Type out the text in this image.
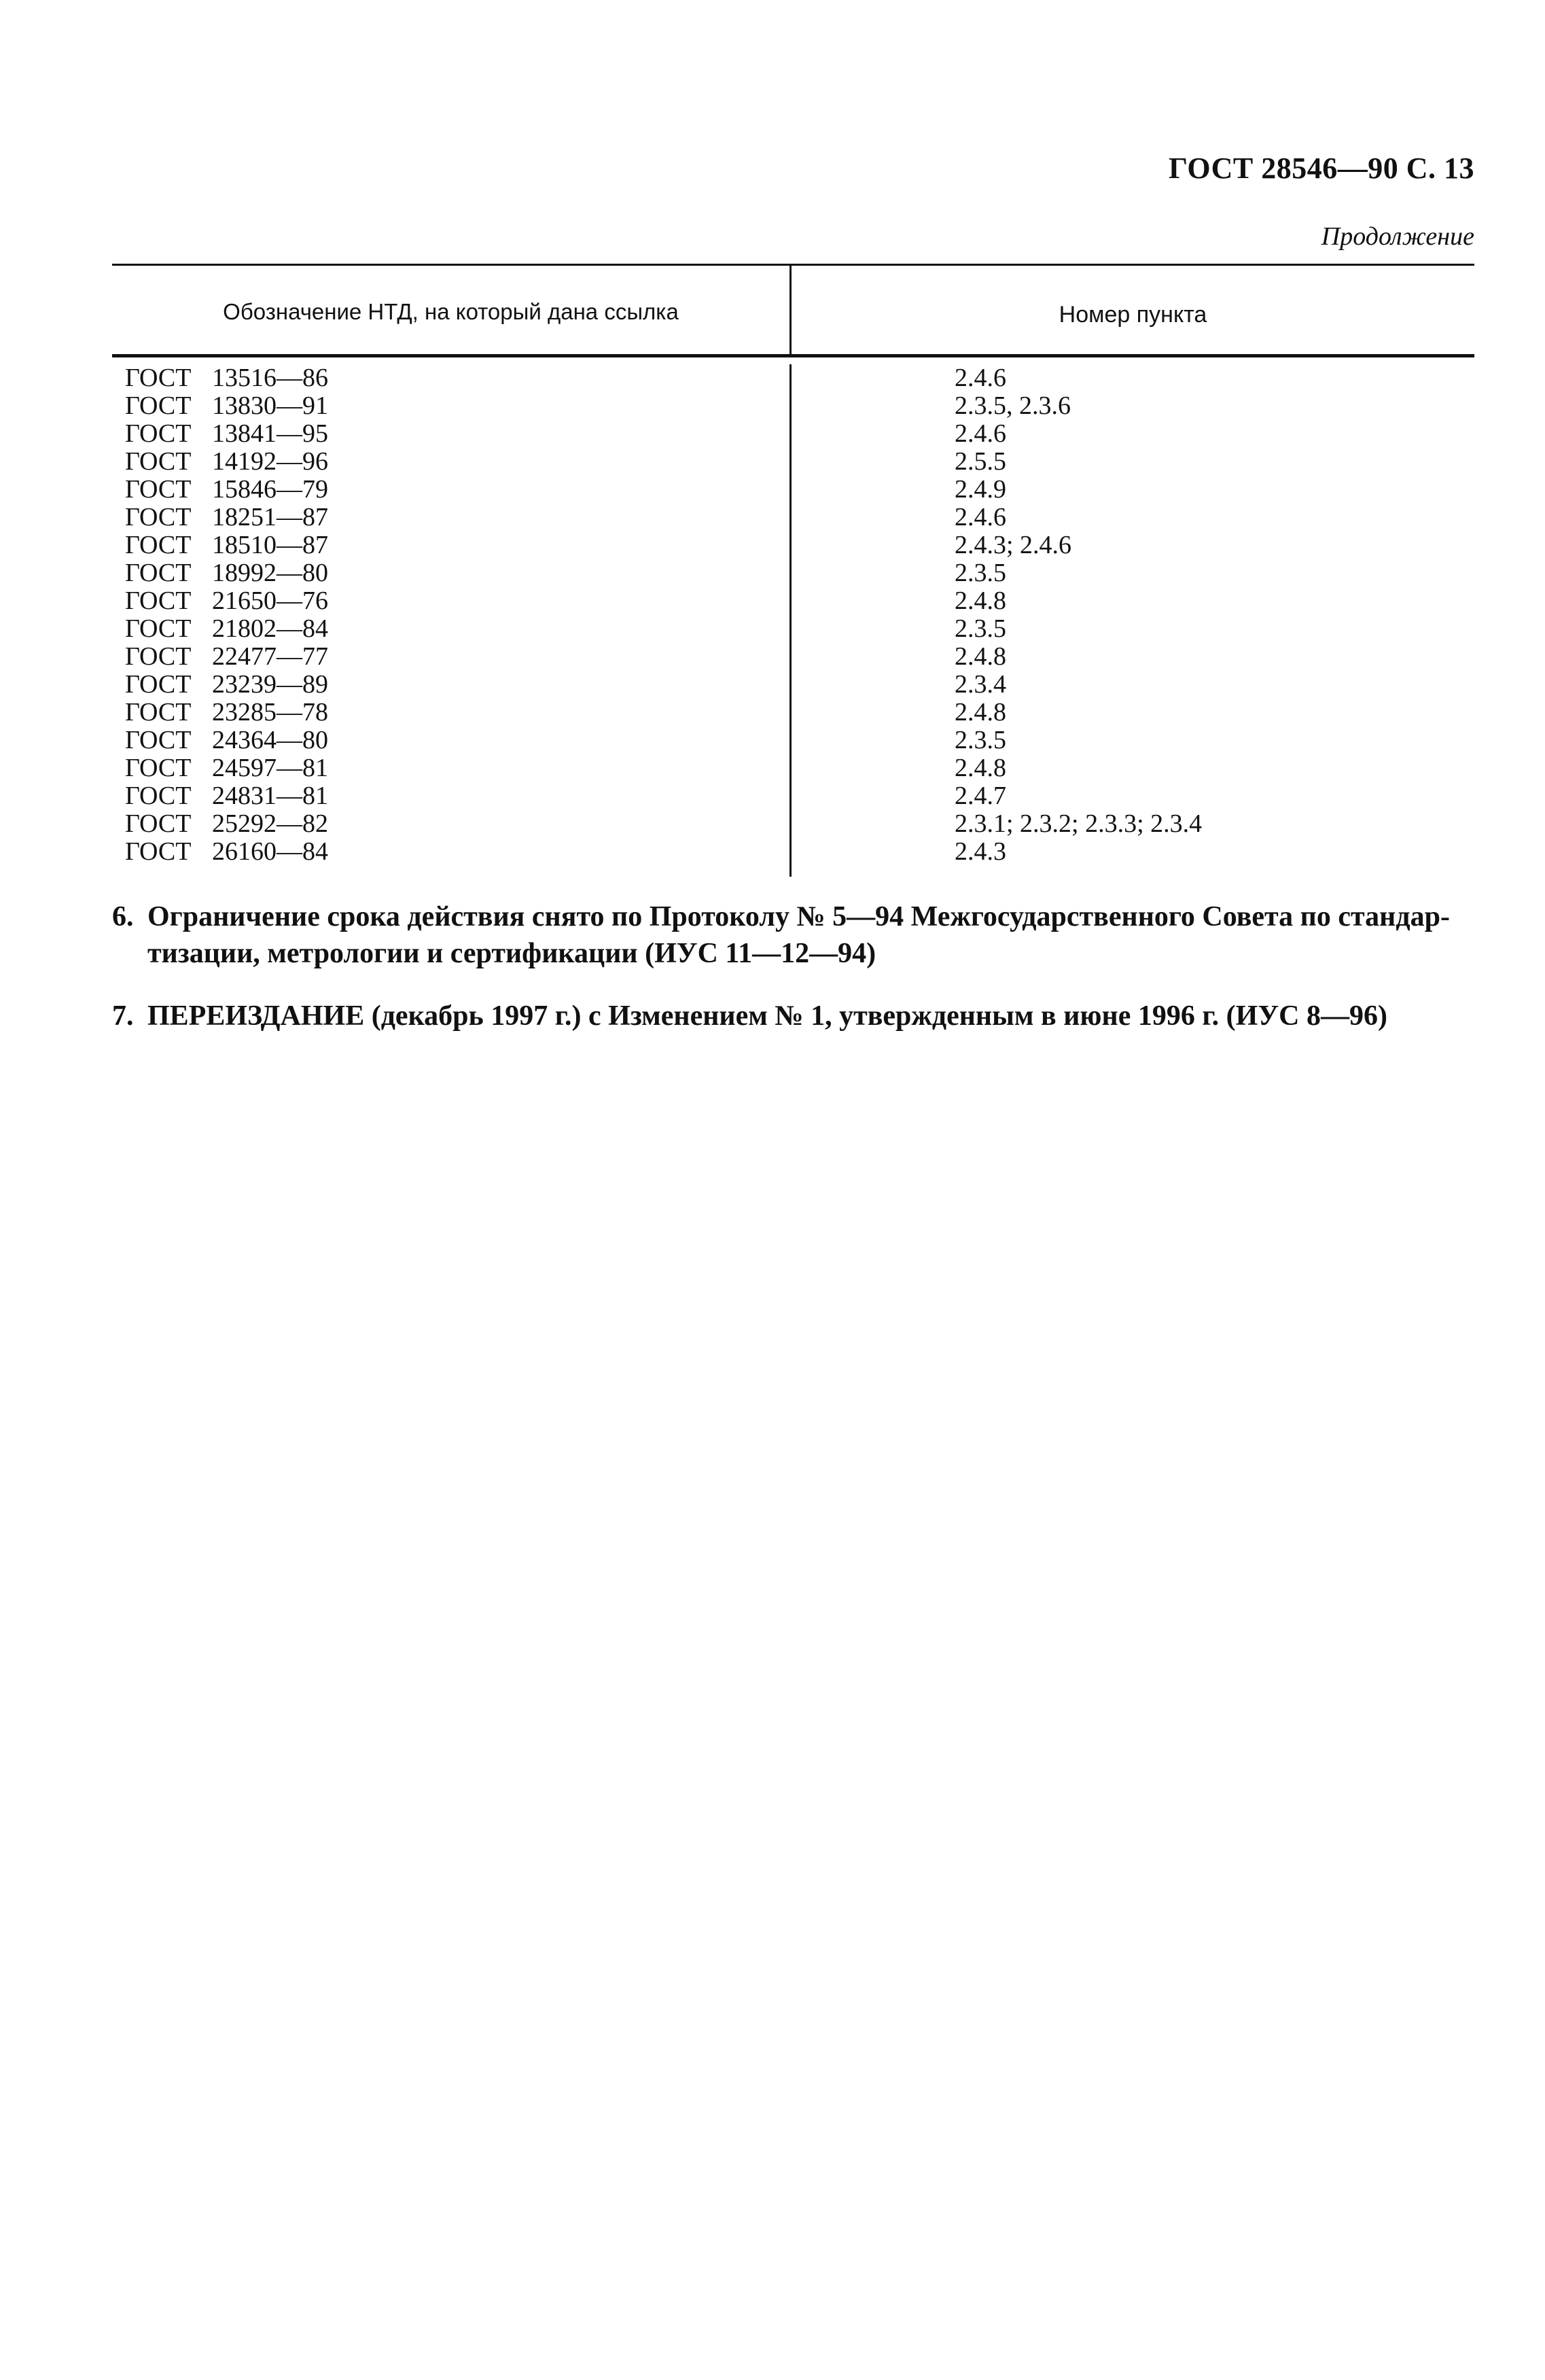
ГОСТ 28546—90 С. 13
Продолжение
Обозначение НТД, на который дана ссылка	Номер пункта
ГОСТ 13516—86
ГОСТ 13830—91
ГОСТ 13841—95
ГОСТ 14192—96
ГОСТ 15846—79
ГОСТ 18251—87
ГОСТ 18510—87
ГОСТ 18992—80
ГОСТ 21650—76
ГОСТ 21802—84
ГОСТ 22477—77
ГОСТ 23239—89
ГОСТ 23285—78
ГОСТ 24364—80
ГОСТ 24597—81
ГОСТ 24831—81
ГОСТ 25292—82
ГОСТ 26160—84
2.4.6
2.3.5, 2.3.6
2.4.6
2.5.5
2.4.9
2.4.6
2.4.3; 2.4.6
2.3.5
2.4.8
2.3.5
2.4.8
2.3.4
2.4.8
2.3.5
2.4.8
2.4.7
2.3.1; 2.3.2; 2.3.3; 2.3.4
2.4.3
6. Ограничение срока действия снято по Протоколу № 5—94 Межгосударственного Совета по стандар-тизации, метрологии и сертификации (ИУС 11—12—94)
7. ПЕРЕИЗДАНИЕ (декабрь 1997 г.) с Изменением № 1, утвержденным в июне 1996 г. (ИУС 8—96)
